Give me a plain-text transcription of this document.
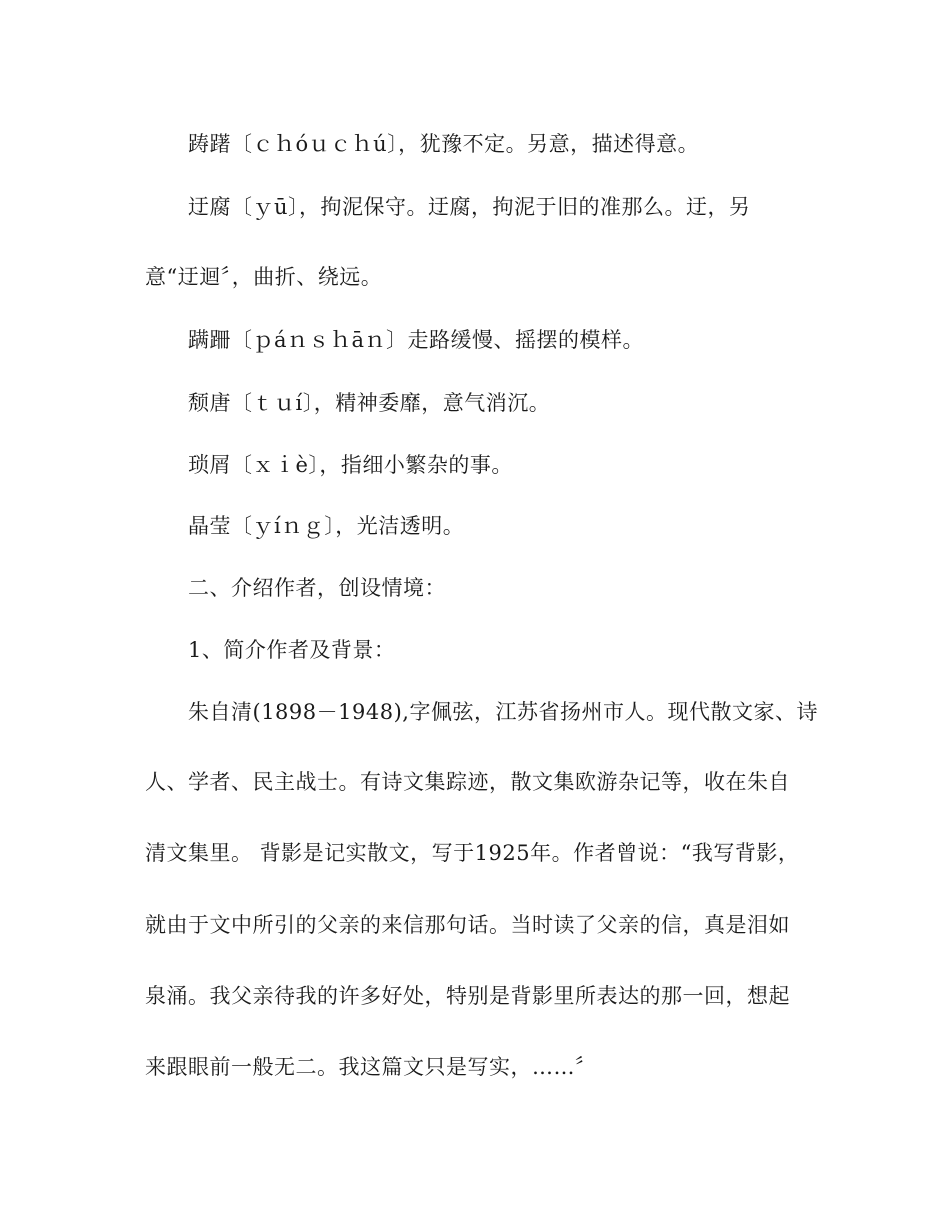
踌躇〔ｃｈóｕｃｈú〕，犹豫不定。另意，描述得意。
迂腐〔ｙū〕，拘泥保守。迂腐，拘泥于旧的准那么。迂，另
意“迂迴〞，曲折、绕远。
蹒跚〔ｐáｎｓｈāｎ〕走路缓慢、摇摆的模样。
颓唐〔ｔｕí〕，精神委靡，意气消沉。
琐屑〔ｘｉè〕，指细小繁杂的事。
晶莹〔ｙíｎｇ〕，光洁透明。
二、介绍作者，创设情境：
1、简介作者及背景：
朱自清(1898－1948),字佩弦，江苏省扬州市人。现代散文家、诗
人、学者、民主战士。有诗文集踪迹，散文集欧游杂记等，收在朱自
清文集里。 背影是记实散文，写于1925年。作者曾说：“我写背影，
就由于文中所引的父亲的来信那句话。当时读了父亲的信，真是泪如
泉涌。我父亲待我的许多好处，特别是背影里所表达的那一回，想起
来跟眼前一般无二。我这篇文只是写实，……〞
